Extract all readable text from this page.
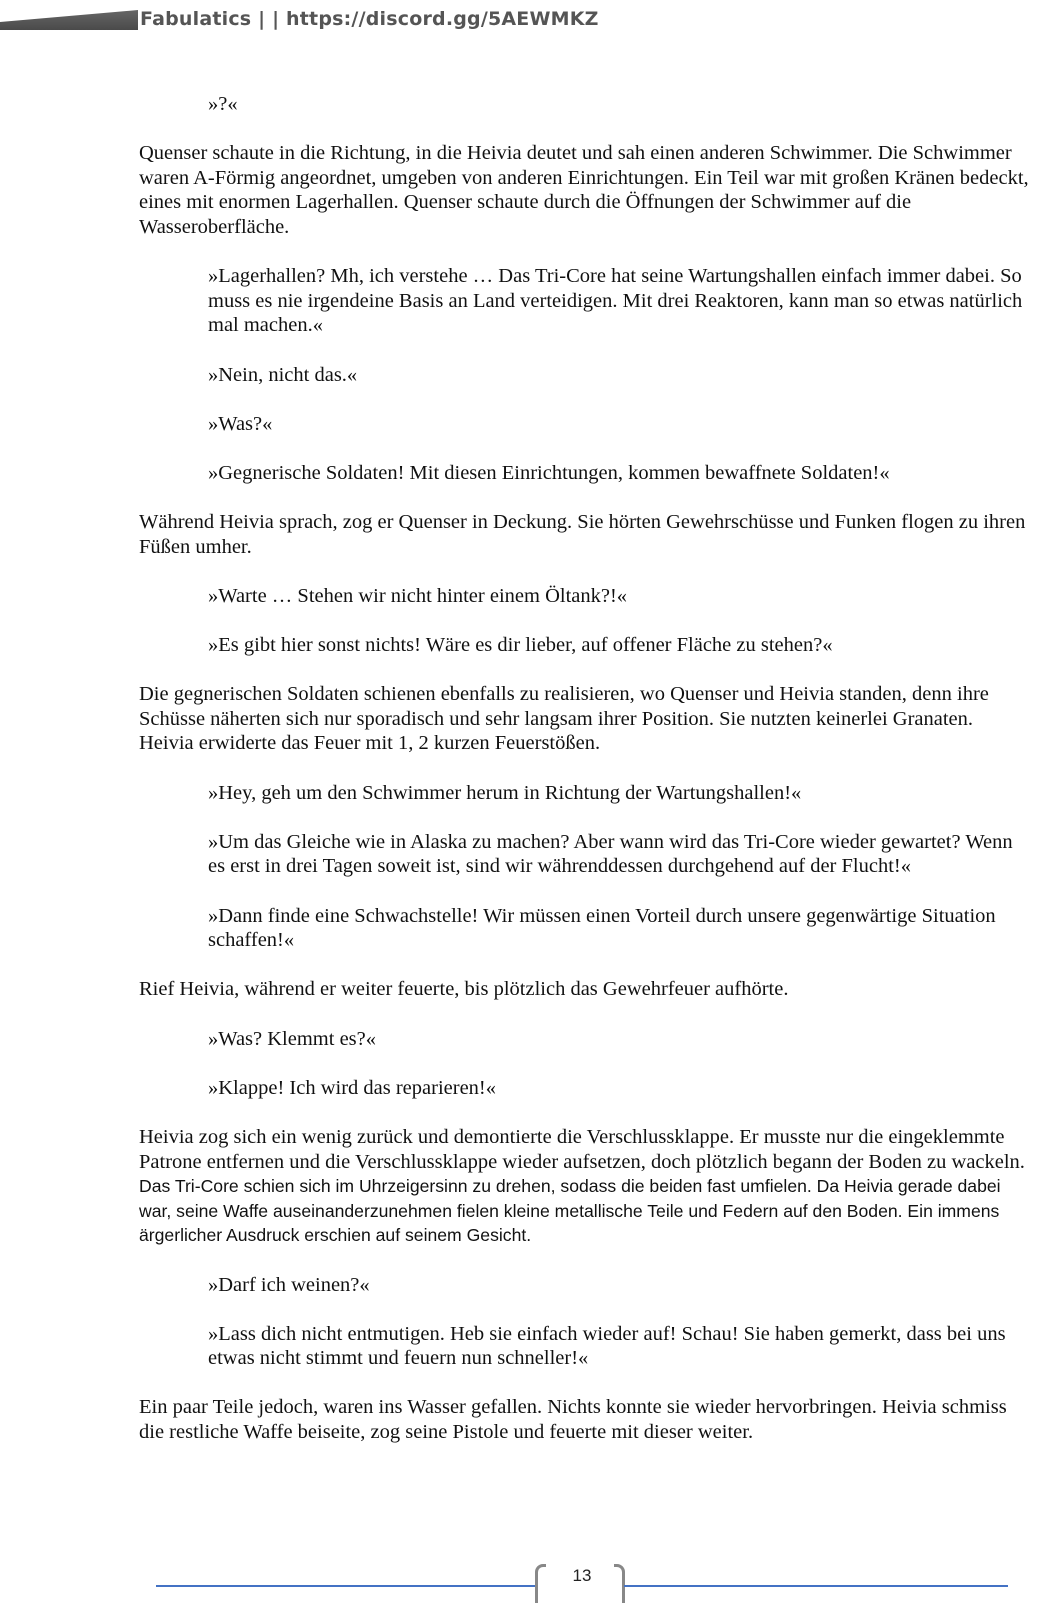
Fabulatics | | https://discord.gg/5AEWMKZ

»?«

Quenser schaute in die Richtung, in die Heivia deutet und sah einen anderen Schwimmer. Die Schwimmer waren A-Förmig angeordnet, umgeben von anderen Einrichtungen. Ein Teil war mit großen Kränen bedeckt, eines mit enormen Lagerhallen. Quenser schaute durch die Öffnungen der Schwimmer auf die Wasseroberfläche.

»Lagerhallen? Mh, ich verstehe … Das Tri-Core hat seine Wartungshallen einfach immer dabei. So muss es nie irgendeine Basis an Land verteidigen. Mit drei Reaktoren, kann man so etwas natürlich mal machen.«

»Nein, nicht das.«

»Was?«

»Gegnerische Soldaten! Mit diesen Einrichtungen, kommen bewaffnete Soldaten!«

Während Heivia sprach, zog er Quenser in Deckung. Sie hörten Gewehrschüsse und Funken flogen zu ihren Füßen umher.

»Warte … Stehen wir nicht hinter einem Öltank?!«

»Es gibt hier sonst nichts! Wäre es dir lieber, auf offener Fläche zu stehen?«

Die gegnerischen Soldaten schienen ebenfalls zu realisieren, wo Quenser und Heivia standen, denn ihre Schüsse näherten sich nur sporadisch und sehr langsam ihrer Position. Sie nutzten keinerlei Granaten. Heivia erwiderte das Feuer mit 1, 2 kurzen Feuerstößen.

»Hey, geh um den Schwimmer herum in Richtung der Wartungshallen!«

»Um das Gleiche wie in Alaska zu machen? Aber wann wird das Tri-Core wieder gewartet? Wenn es erst in drei Tagen soweit ist, sind wir währenddessen durchgehend auf der Flucht!«

»Dann finde eine Schwachstelle! Wir müssen einen Vorteil durch unsere gegenwärtige Situation schaffen!«

Rief Heivia, während er weiter feuerte, bis plötzlich das Gewehrfeuer aufhörte.

»Was? Klemmt es?«

»Klappe! Ich wird das reparieren!«

Heivia zog sich ein wenig zurück und demontierte die Verschlussklappe. Er musste nur die eingeklemmte Patrone entfernen und die Verschlussklappe wieder aufsetzen, doch plötzlich begann der Boden zu wackeln. Das Tri-Core schien sich im Uhrzeigersinn zu drehen, sodass die beiden fast umfielen. Da Heivia gerade dabei war, seine Waffe auseinanderzunehmen fielen kleine metallische Teile und Federn auf den Boden. Ein immens ärgerlicher Ausdruck erschien auf seinem Gesicht.

»Darf ich weinen?«

»Lass dich nicht entmutigen. Heb sie einfach wieder auf! Schau! Sie haben gemerkt, dass bei uns etwas nicht stimmt und feuern nun schneller!«

Ein paar Teile jedoch, waren ins Wasser gefallen. Nichts konnte sie wieder hervorbringen. Heivia schmiss die restliche Waffe beiseite, zog seine Pistole und feuerte mit dieser weiter.

13
